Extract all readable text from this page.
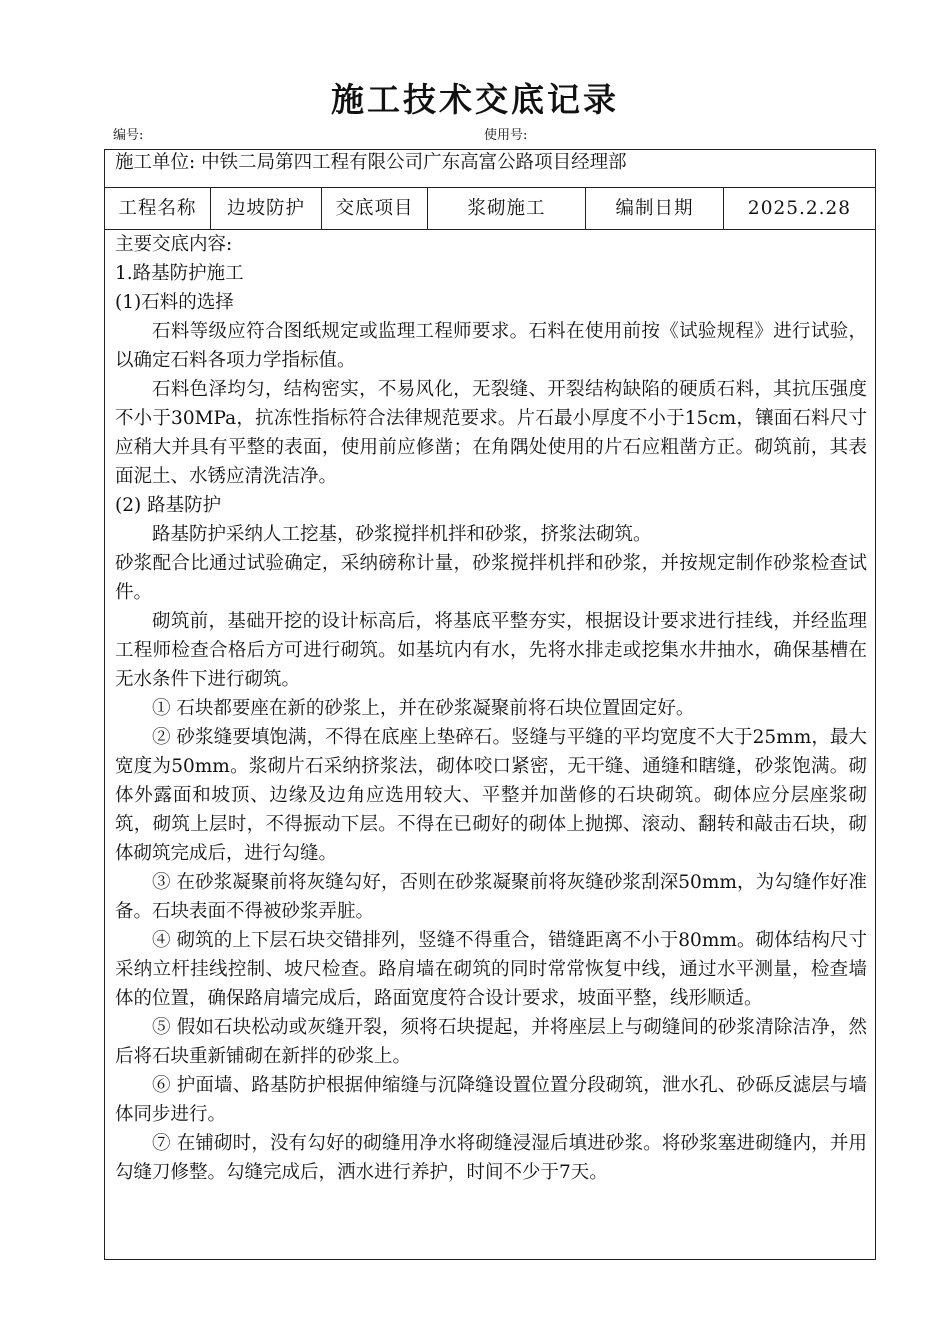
施工技术交底记录
编号:	使用号:
施工单位: 中铁二局第四工程有限公司广东高富公路项目经理部
工程名称	边坡防护	交底项目	浆砌施工	编制日期	2025.2.28

主要交底内容:

1.路基防护施工

(1)石料的选择

石料等级应符合图纸规定或监理工程师要求。石料在使用前按《试验规程》进行试验，以确定石料各项力学指标值。

石料色泽均匀，结构密实，不易风化，无裂缝、开裂结构缺陷的硬质石料，其抗压强度不小于30MPa，抗冻性指标符合法律规范要求。片石最小厚度不小于15cm，镶面石料尺寸应稍大并具有平整的表面，使用前应修凿；在角隅处使用的片石应粗凿方正。砌筑前，其表面泥土、水锈应清洗洁净。

(2) 路基防护

路基防护采纳人工挖基，砂浆搅拌机拌和砂浆，挤浆法砌筑。

砂浆配合比通过试验确定，采纳磅称计量，砂浆搅拌机拌和砂浆，并按规定制作砂浆检查试件。

砌筑前，基础开挖的设计标高后，将基底平整夯实，根据设计要求进行挂线，并经监理工程师检查合格后方可进行砌筑。如基坑内有水，先将水排走或挖集水井抽水，确保基槽在无水条件下进行砌筑。

① 石块都要座在新的砂浆上，并在砂浆凝聚前将石块位置固定好。

② 砂浆缝要填饱满，不得在底座上垫碎石。竖缝与平缝的平均宽度不大于25mm，最大宽度为50mm。浆砌片石采纳挤浆法，砌体咬口紧密，无干缝、通缝和瞎缝，砂浆饱满。砌体外露面和坡顶、边缘及边角应选用较大、平整并加凿修的石块砌筑。砌体应分层座浆砌筑，砌筑上层时，不得振动下层。不得在已砌好的砌体上抛掷、滚动、翻转和敲击石块，砌体砌筑完成后，进行勾缝。

③ 在砂浆凝聚前将灰缝勾好，否则在砂浆凝聚前将灰缝砂浆刮深50mm，为勾缝作好准备。石块表面不得被砂浆弄脏。

④ 砌筑的上下层石块交错排列，竖缝不得重合，错缝距离不小于80mm。砌体结构尺寸采纳立杆挂线控制、坡尺检查。路肩墙在砌筑的同时常常恢复中线，通过水平测量，检查墙体的位置，确保路肩墙完成后，路面宽度符合设计要求，坡面平整，线形顺适。

⑤ 假如石块松动或灰缝开裂，须将石块提起，并将座层上与砌缝间的砂浆清除洁净，然后将石块重新铺砌在新拌的砂浆上。

⑥ 护面墙、路基防护根据伸缩缝与沉降缝设置位置分段砌筑，泄水孔、砂砾反滤层与墙体同步进行。

⑦ 在铺砌时，没有勾好的砌缝用净水将砌缝浸湿后填进砂浆。将砂浆塞进砌缝内，并用勾缝刀修整。勾缝完成后，洒水进行养护，时间不少于7天。
